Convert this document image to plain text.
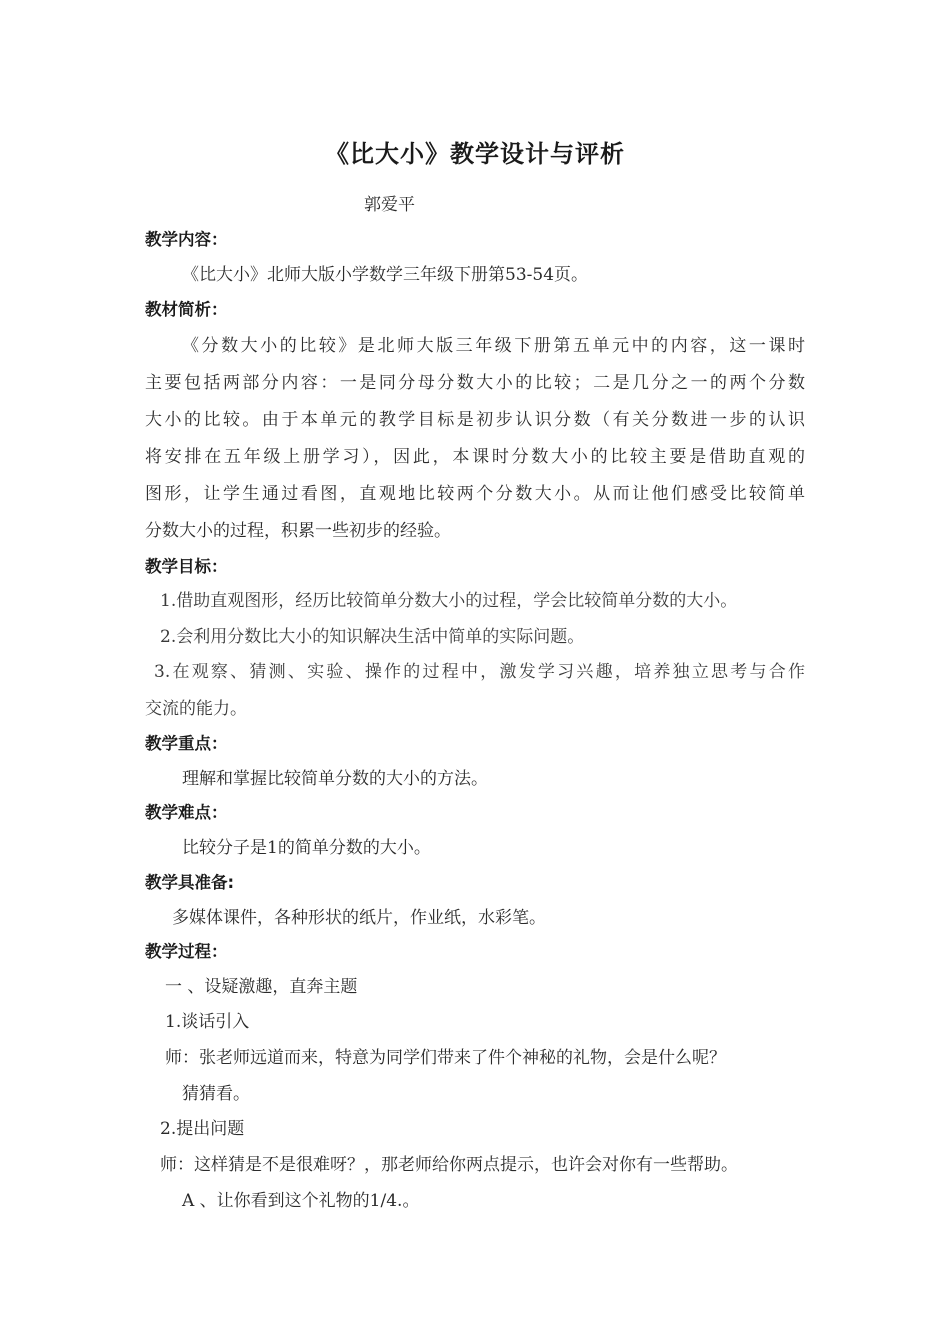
《比大小》教学设计与评析
郭爱平
教学内容：
《比大小》北师大版小学数学三年级下册第53-54页。
教材简析：
《分数大小的比较》是北师大版三年级下册第五单元中的内容，这一课时
主要包括两部分内容：一是同分母分数大小的比较；二是几分之一的两个分数
大小的比较。由于本单元的教学目标是初步认识分数（有关分数进一步的认识
将安排在五年级上册学习），因此，本课时分数大小的比较主要是借助直观的
图形，让学生通过看图，直观地比较两个分数大小。从而让他们感受比较简单
分数大小的过程，积累一些初步的经验。
教学目标：
1.借助直观图形，经历比较简单分数大小的过程，学会比较简单分数的大小。
2.会利用分数比大小的知识解决生活中简单的实际问题。
3.在观察、猜测、实验、操作的过程中，激发学习兴趣，培养独立思考与合作
交流的能力。
教学重点：
理解和掌握比较简单分数的大小的方法。
教学难点：
比较分子是1的简单分数的大小。
教学具准备:
多媒体课件，各种形状的纸片，作业纸，水彩笔。
教学过程：
一 、设疑激趣，直奔主题
1.谈话引入
师：张老师远道而来，特意为同学们带来了件个神秘的礼物，会是什么呢？
猜猜看。
2.提出问题
师：这样猜是不是很难呀？，那老师给你两点提示，也许会对你有一些帮助。
A 、让你看到这个礼物的1/4.。
